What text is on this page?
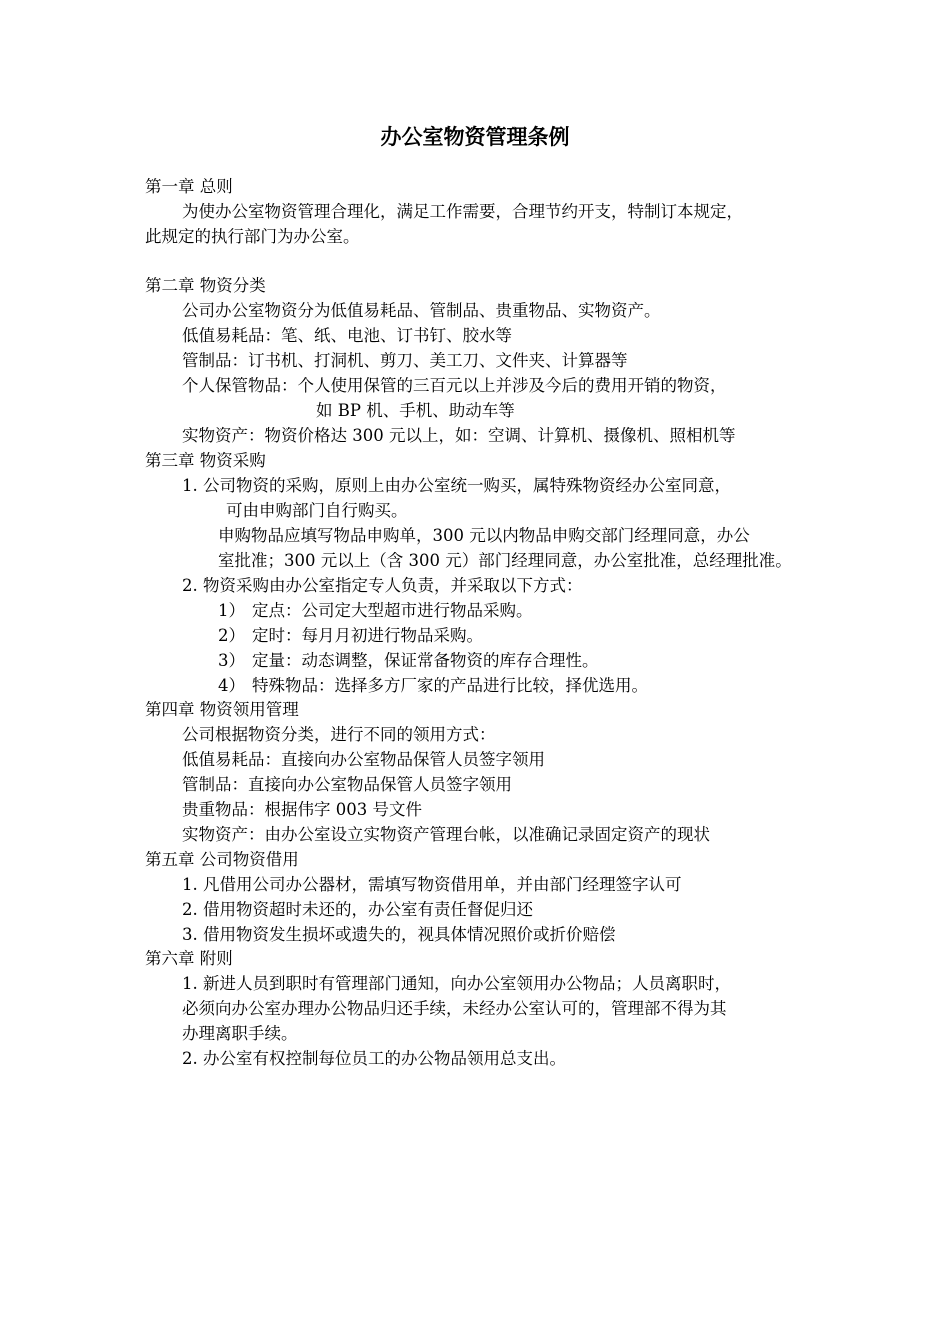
办公室物资管理条例
第一章 总则
为使办公室物资管理合理化，满足工作需要，合理节约开支，特制订本规定，
此规定的执行部门为办公室。
第二章 物资分类
公司办公室物资分为低值易耗品、管制品、贵重物品、实物资产。
低值易耗品：笔、纸、电池、订书钉、胶水等
管制品：订书机、打洞机、剪刀、美工刀、文件夹、计算器等
个人保管物品：个人使用保管的三百元以上并涉及今后的费用开销的物资，
如 BP 机、手机、助动车等
实物资产：物资价格达 300 元以上，如：空调、计算机、摄像机、照相机等
第三章 物资采购
1. 公司物资的采购，原则上由办公室统一购买，属特殊物资经办公室同意，
可由申购部门自行购买。
申购物品应填写物品申购单，300 元以内物品申购交部门经理同意，办公
室批准；300 元以上（含 300 元）部门经理同意，办公室批准，总经理批准。
2. 物资采购由办公室指定专人负责，并采取以下方式：
1） 定点：公司定大型超市进行物品采购。
2） 定时：每月月初进行物品采购。
3） 定量：动态调整，保证常备物资的库存合理性。
4） 特殊物品：选择多方厂家的产品进行比较，择优选用。
第四章 物资领用管理
公司根据物资分类，进行不同的领用方式：
低值易耗品：直接向办公室物品保管人员签字领用
管制品：直接向办公室物品保管人员签字领用
贵重物品：根据伟字 003 号文件
实物资产：由办公室设立实物资产管理台帐，以准确记录固定资产的现状
第五章 公司物资借用
1. 凡借用公司办公器材，需填写物资借用单，并由部门经理签字认可
2. 借用物资超时未还的，办公室有责任督促归还
3. 借用物资发生损坏或遗失的，视具体情况照价或折价赔偿
第六章 附则
1. 新进人员到职时有管理部门通知，向办公室领用办公物品；人员离职时，
必须向办公室办理办公物品归还手续，未经办公室认可的，管理部不得为其
办理离职手续。
2. 办公室有权控制每位员工的办公物品领用总支出。
